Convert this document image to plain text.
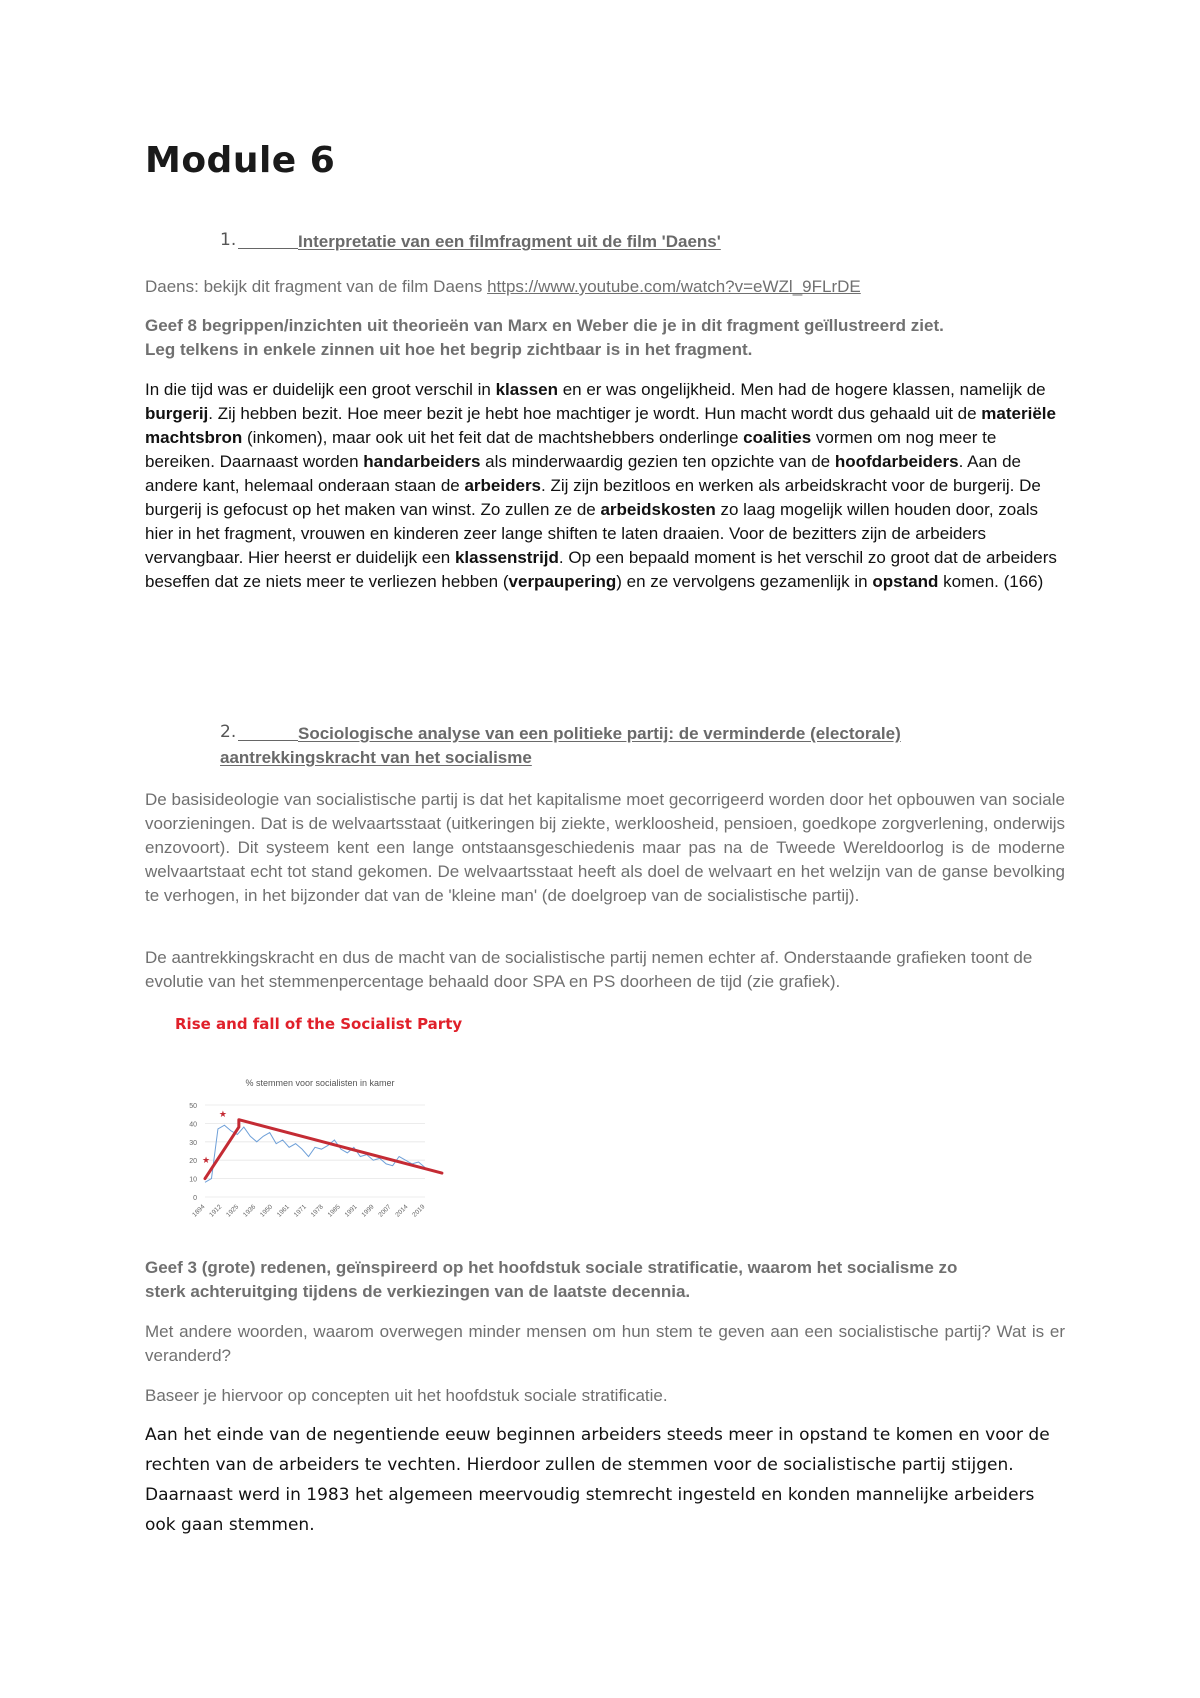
Module 6
1.	Interpretatie van een filmfragment uit de film 'Daens'

Daens: bekijk dit fragment van de film Daens https://www.youtube.com/watch?v=eWZl_9FLrDE

Geef 8 begrippen/inzichten uit theorieën van Marx en Weber die je in dit fragment geïllustreerd ziet.
Leg telkens in enkele zinnen uit hoe het begrip zichtbaar is in het fragment.

In die tijd was er duidelijk een groot verschil in klassen en er was ongelijkheid. Men had de hogere klassen, namelijk de burgerij. Zij hebben bezit. Hoe meer bezit je hebt hoe machtiger je wordt. Hun macht wordt dus gehaald uit de materiële machtsbron (inkomen), maar ook uit het feit dat de machtshebbers onderlinge coalities vormen om nog meer te bereiken. Daarnaast worden handarbeiders als minderwaardig gezien ten opzichte van de hoofdarbeiders. Aan de andere kant, helemaal onderaan staan de arbeiders. Zij zijn bezitloos en werken als arbeidskracht voor de burgerij. De burgerij is gefocust op het maken van winst. Zo zullen ze de arbeidskosten zo laag mogelijk willen houden door, zoals hier in het fragment, vrouwen en kinderen zeer lange shiften te laten draaien. Voor de bezitters zijn de arbeiders vervangbaar. Hier heerst er duidelijk een klassenstrijd. Op een bepaald moment is het verschil zo groot dat de arbeiders beseffen dat ze niets meer te verliezen hebben (verpaupering) en ze vervolgens gezamenlijk in opstand komen. (166)

2.	Sociologische analyse van een politieke partij: de verminderde (electorale)
aantrekkingskracht van het socialisme

De basisideologie van socialistische partij is dat het kapitalisme moet gecorrigeerd worden door het opbouwen van sociale voorzieningen. Dat is de welvaartsstaat (uitkeringen bij ziekte, werkloosheid, pensioen, goedkope zorgverlening, onderwijs enzovoort). Dit systeem kent een lange ontstaansgeschiedenis maar pas na de Tweede Wereldoorlog is de moderne welvaartstaat echt tot stand gekomen. De welvaartsstaat heeft als doel de welvaart en het welzijn van de ganse bevolking te verhogen, in het bijzonder dat van de 'kleine man' (de doelgroep van de socialistische partij).

De aantrekkingskracht en dus de macht van de socialistische partij nemen echter af. Onderstaande grafieken toont de evolutie van het stemmenpercentage behaald door SPA en PS doorheen de tijd (zie grafiek).

Rise and fall of the Socialist Party
% stemmen voor socialisten in kamer
0
10
20
30
40
50
1894 1912 1925 1936 1950 1961 1971 1978 1985 1991 1999 2007 2014 2019
★
★

Geef 3 (grote) redenen, geïnspireerd op het hoofdstuk sociale stratificatie, waarom het socialisme zo
sterk achteruitging tijdens de verkiezingen van de laatste decennia.

Met andere woorden, waarom overwegen minder mensen om hun stem te geven aan een socialistische partij? Wat is er veranderd?

Baseer je hiervoor op concepten uit het hoofdstuk sociale stratificatie.

Aan het einde van de negentiende eeuw beginnen arbeiders steeds meer in opstand te komen en voor de rechten van de arbeiders te vechten. Hierdoor zullen de stemmen voor de socialistische partij stijgen. Daarnaast werd in 1983 het algemeen meervoudig stemrecht ingesteld en konden mannelijke arbeiders ook gaan stemmen.
